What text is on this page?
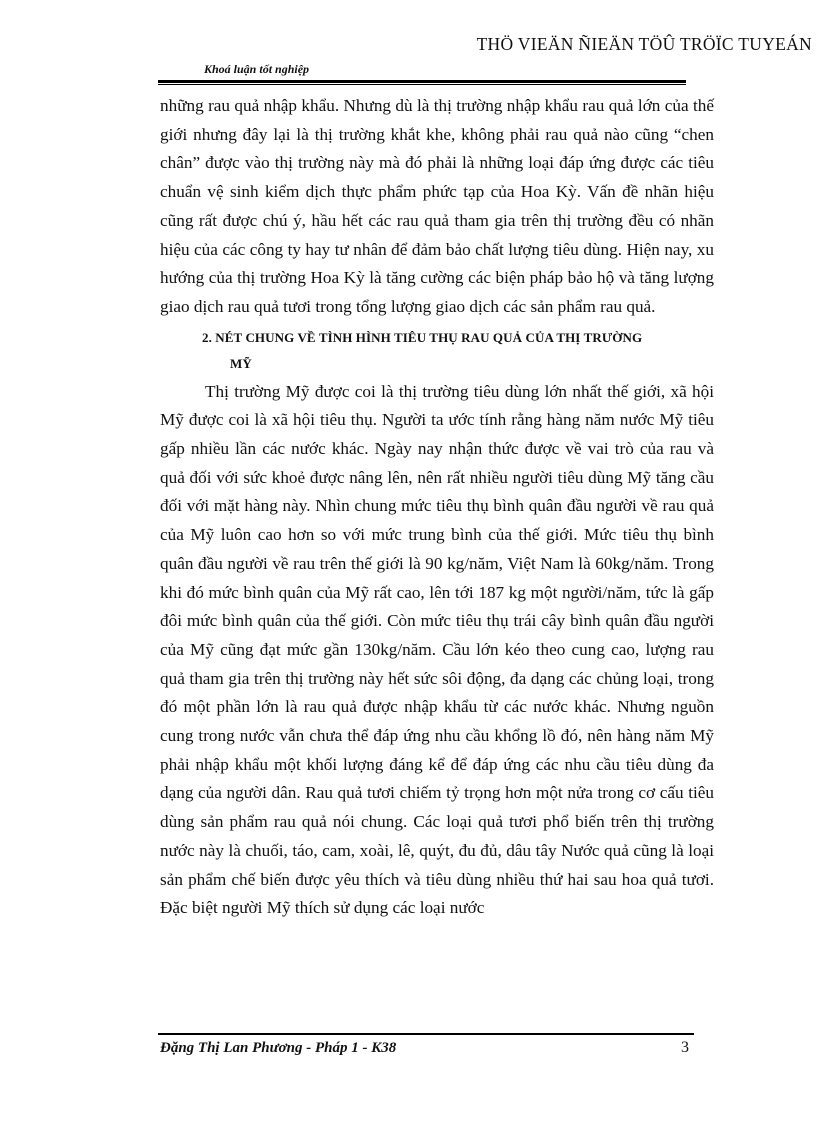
THÖ VIEÄN ÑIEÄN TÖÛ TRÖÏC TUYEÁN
Khoá luận tốt nghiệp

những rau quả nhập khẩu. Nhưng dù là thị trường nhập khẩu rau quả lớn của thế giới nhưng đây lại là thị trường khắt khe, không phải rau quả nào cũng “chen chân” được vào thị trường này mà đó phải là những loại đáp ứng được các tiêu chuẩn vệ sinh kiểm dịch thực phẩm phức tạp của Hoa Kỳ. Vấn đề nhãn hiệu cũng rất được chú ý, hầu hết các rau quả tham gia trên thị trường đều có nhãn hiệu của các công ty hay tư nhân để đảm bảo chất lượng tiêu dùng. Hiện nay, xu hướng của thị trường Hoa Kỳ là tăng cường các biện pháp bảo hộ và tăng lượng giao dịch rau quả tươi trong tổng lượng giao dịch các sản phẩm rau quả.

2. NÉT CHUNG VỀ TÌNH HÌNH TIÊU THỤ RAU QUẢ CỦA THỊ TRƯỜNG
MỸ

Thị trường Mỹ được coi là thị trường tiêu dùng lớn nhất thế giới, xã hội Mỹ được coi là xã hội tiêu thụ. Người ta ước tính rằng hàng năm nước Mỹ tiêu gấp nhiều lần các nước khác. Ngày nay nhận thức được về vai trò của rau và quả đối với sức khoẻ được nâng lên, nên rất nhiều người tiêu dùng Mỹ tăng cầu đối với mặt hàng này. Nhìn chung mức tiêu thụ bình quân đầu người về rau quả của Mỹ luôn cao hơn so với mức trung bình của thế giới. Mức tiêu thụ bình quân đầu người về rau trên thế giới là 90 kg/năm, Việt Nam là 60kg/năm. Trong khi đó mức bình quân của Mỹ rất cao, lên tới 187 kg một người/năm, tức là gấp đôi mức bình quân của thế giới. Còn mức tiêu thụ trái cây bình quân đầu người của Mỹ cũng đạt mức gần 130kg/năm. Cầu lớn kéo theo cung cao, lượng rau quả tham gia trên thị trường này hết sức sôi động, đa dạng các chủng loại, trong đó một phần lớn là rau quả được nhập khẩu từ các nước khác. Nhưng nguồn cung trong nước vẫn chưa thể đáp ứng nhu cầu khổng lồ đó, nên hàng năm Mỹ phải nhập khẩu một khối lượng đáng kể để đáp ứng các nhu cầu tiêu dùng đa dạng của người dân. Rau quả tươi chiếm tỷ trọng hơn một nửa trong cơ cấu tiêu dùng sản phẩm rau quả nói chung. Các loại quả tươi phổ biến trên thị trường nước này là chuối, táo, cam, xoài, lê, quýt, đu đủ, dâu tây Nước quả cũng là loại sản phẩm chế biến được yêu thích và tiêu dùng nhiều thứ hai sau hoa quả tươi. Đặc biệt người Mỹ thích sử dụng các loại nước

Đặng Thị Lan Phương - Pháp 1 - K38	3
